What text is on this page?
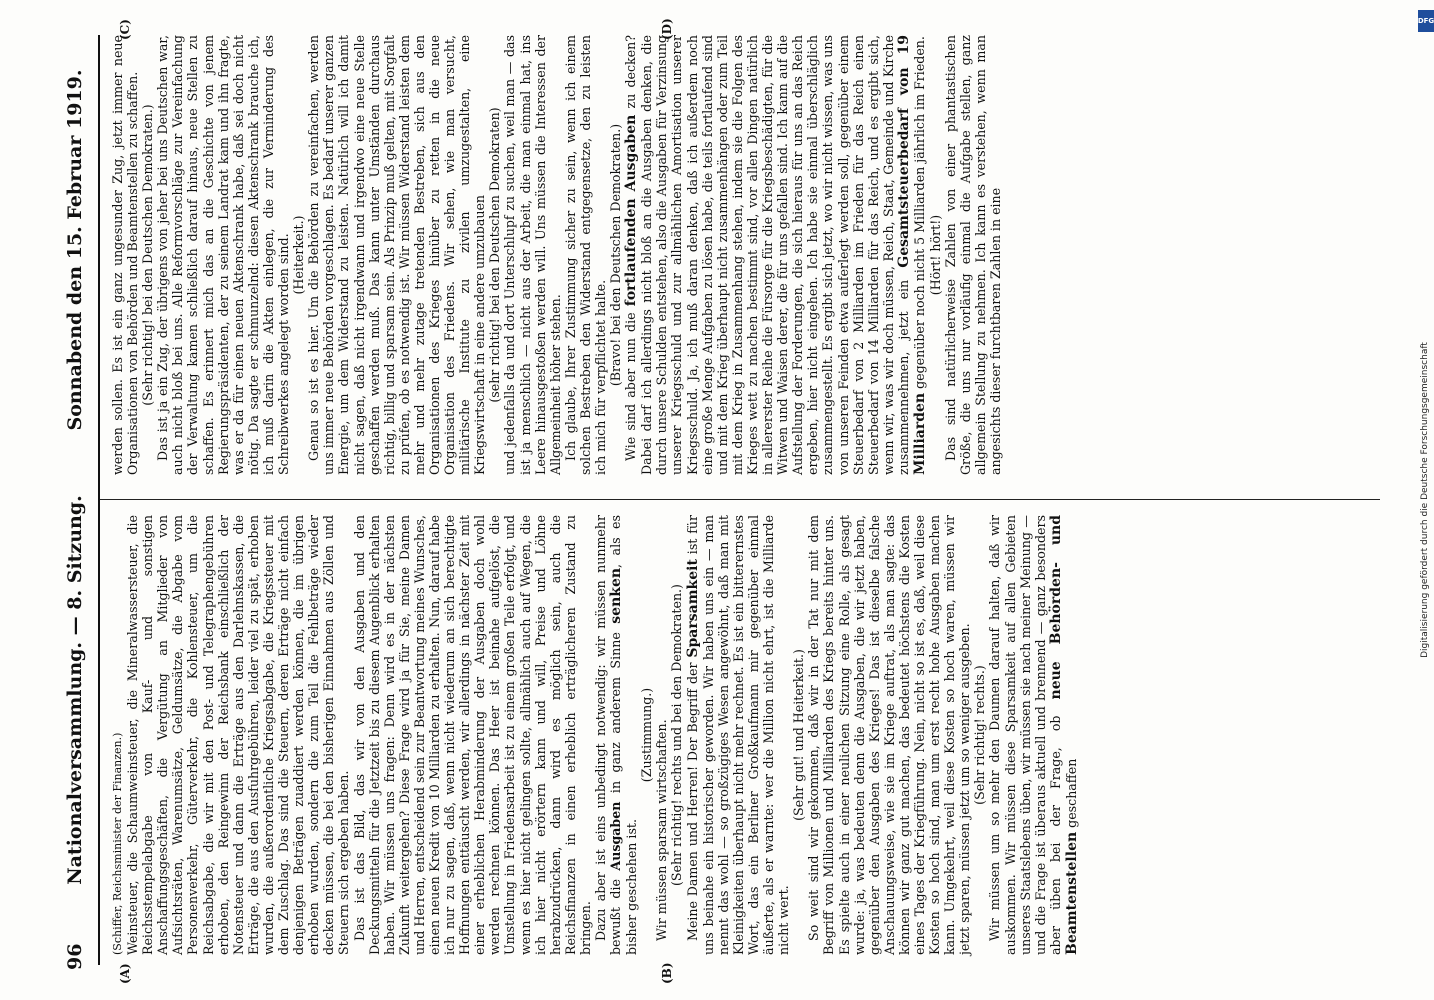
96
Nationalversammlung. — 8. Sitzung.
Sonnabend den 15. Februar 1919.
(A)	(B)
(C)	(D)

(Schiffer, Reichsminister der Finanzen.) Weinsteuer, die Schaumweinsteuer, die Mineralwassersteuer, die Reichsstempelabgabe von Kauf- und sonstigen Anschaffungsgeschäften, die Vergütung an Mitglieder von Aufsichtsräten, Warenumsätze, Geldumsätze, die Abgabe vom Personenverkehr, Güterverkehr, die Kohlensteuer, um die Reichsabgabe, die wir mit den Post- und Telegraphengebühren erhoben, den Reingewinn der Reichsbank einschließlich der Notensteuer und dann die Erträge aus den Darlehnskassen, die Erträge, die aus den Ausfuhrgebühren, leider viel zu spät, erhoben wurden, die außerordentliche Kriegsabgabe, die Kriegssteuer mit dem Zuschlag. Das sind die Steuern, deren Erträge nicht einfach denjenigen Beträgen zuaddiert werden können, die im übrigen erhoben wurden, sondern die zum Teil die Fehlbeträge wieder decken müssen, die bei den bisherigen Einnahmen aus Zöllen und Steuern sich ergeben haben. Das ist das Bild, das wir von den Ausgaben und den Deckungsmitteln für die Jetztzeit bis zu diesem Augenblick erhalten haben. Wir müssen uns fragen: Denn wird es in der nächsten Zukunft weitergehen? Diese Frage wird ja für Sie, meine Damen und Herren, entscheidend sein zur Beantwortung meines Wunsches, einen neuen Kredit von 10 Milliarden zu erhalten. Nun, darauf habe ich nur zu sagen, daß, wenn nicht wiederum an sich berechtigte Hoffnungen enttäuscht werden, wir allerdings in nächster Zeit mit einer erheblichen Herabminderung der Ausgaben doch wohl werden rechnen können. Das Heer ist beinahe aufgelöst, die Umstellung in Friedensarbeit ist zu einem großen Teile erfolgt, und wenn es hier nicht gelingen sollte, allmählich auch auf Wegen, die ich hier nicht erörtern kann und will, Preise und Löhne herabzudrücken, dann wird es möglich sein, auch die Reichsfinanzen in einen erheblich erträglicheren Zustand zu bringen. Dazu aber ist eins unbedingt notwendig: wir müssen nunmehr bewußt die Ausgaben in ganz anderem Sinne senken, als es bisher geschehen ist.

(Zustimmung.) Wir müssen sparsam wirtschaften. (Sehr richtig! rechts und bei den Demokraten.) Meine Damen und Herren! Der Begriff der Sparsamkeit ist für uns beinahe ein historischer geworden. Wir haben uns ein — man nennt das wohl — so großzügiges Wesen angewöhnt, daß man mit Kleinigkeiten überhaupt nicht mehr rechnet. Es ist ein bitterernstes Wort, das ein Berliner Großkaufmann mir gegenüber einmal äußerte, als er warnte: wer die Million nicht ehrt, ist die Milliarde nicht wert.

(Sehr gut! und Heiterkeit.) So weit sind wir gekommen, daß wir in der Tat nur mit dem Begriff von Millionen und Milliarden des Kriegs bereits hinter uns. Es spielte auch in einer neulichen Sitzung eine Rolle, als gesagt wurde: ja, was bedeuten denn die Ausgaben, die wir jetzt haben, gegenüber den Ausgaben des Krieges! Das ist dieselbe falsche Anschauungsweise, wie sie im Kriege auftrat, als man sagte: das können wir ganz gut machen, das bedeutet höchstens die Kosten eines Tages der Kriegführung. Nein, nicht so ist es, daß, weil diese Kosten so hoch sind, man um erst recht hohe Ausgaben machen kann. Umgekehrt, weil diese Kosten so hoch waren, müssen wir jetzt sparen, müssen jetzt um so weniger ausgeben. (Sehr richtig! rechts.) Wir müssen um so mehr den Daumen darauf halten, daß wir auskommen. Wir müssen diese Sparsamkeit auf allen Gebieten unseres Staatslebens üben, wir müssen sie nach meiner Meinung — und die Frage ist überaus aktuell und brennend — ganz besonders aber üben bei der Frage, ob neue Behörden- und Beamtenstellen geschaffen

werden sollen. Es ist ein ganz ungesunder Zug, jetzt immer neue Organisationen von Behörden und Beamtenstellen zu schaffen. (Sehr richtig! bei den Deutschen Demokraten.) Das ist ja ein Zug, der übrigens von jeher bei uns Deutschen war, auch nicht bloß bei uns. Alle Reformvorschläge zur Vereinfachung der Verwaltung kamen schließlich darauf hinaus, neue Stellen zu schaffen. Es erinnert mich das an die Geschichte von jenem Regierungspräsidenten, der zu seinem Landrat kam und ihn fragte, was er da für einen neuen Aktenschrank habe, daß sei doch nicht nötig. Da sagte er schmunzelnd: diesen Aktenschrank brauche ich, ich muß darin die Akten einlegen, die zur Verminderung des Schreibwerkes angelegt worden sind. (Heiterkeit.) Genau so ist es hier. Um die Behörden zu vereinfachen, werden uns immer neue Behörden vorgeschlagen. Es bedarf unserer ganzen Energie, um dem Widerstand zu leisten. Natürlich will ich damit nicht sagen, daß nicht irgendwann und irgendwo eine neue Stelle geschaffen werden muß. Das kann unter Umständen durchaus richtig, billig und sparsam sein. Als Prinzip muß gelten, mit Sorgfalt zu prüfen, ob es notwendig ist. Wir müssen Widerstand leisten dem mehr und mehr zutage tretenden Bestreben, sich aus den Organisationen des Krieges hinüber zu retten in die neue Organisation des Friedens. Wir sehen, wie man versucht, militärische Institute zu zivilen umzugestalten, eine Kriegswirtschaft in eine andere umzubauen (sehr richtig! bei den Deutschen Demokraten) und jedenfalls da und dort Unterschlupf zu suchen, weil man — das ist ja menschlich — nicht aus der Arbeit, die man einmal hat, ins Leere hinausgestoßen werden will. Uns müssen die Interessen der Allgemeinheit höher stehen. Ich glaube, Ihrer Zustimmung sicher zu sein, wenn ich einem solchen Bestreben den Widerstand entgegensetze, den zu leisten ich mich für verpflichtet halte. (Bravo! bei den Deutschen Demokraten.) Wie sind aber nun die fortlaufenden Ausgaben zu decken? Dabei darf ich allerdings nicht bloß an die Ausgaben denken, die durch unsere Schulden entstehen, also die Ausgaben für Verzinsung unserer Kriegsschuld und zur allmählichen Amortisation unserer Kriegsschuld. Ja, ich muß daran denken, daß ich außerdem noch eine große Menge Aufgaben zu lösen habe, die teils fortlaufend sind und mit dem Krieg überhaupt nicht zusammenhängen oder zum Teil mit dem Krieg in Zusammenhang stehen, indem sie die Folgen des Krieges wett zu machen bestimmt sind, vor allen Dingen natürlich in allererster Reihe die Fürsorge für die Kriegsbeschädigten, für die Witwen und Waisen derer, die für uns gefallen sind. Ich kann auf die Aufstellung der Forderungen, die sich hieraus für uns an das Reich ergeben, hier nicht eingehen. Ich habe sie einmal überschläglich zusammengestellt. Es ergibt sich jetzt, wo wir nicht wissen, was uns von unseren Feinden etwa auferlegt werden soll, gegenüber einem Steuerbedarf von 2 Milliarden im Frieden für das Reich einen Steuerbedarf von 14 Milliarden für das Reich, und es ergibt sich, wenn wir, was wir doch müssen, Reich, Staat, Gemeinde und Kirche zusammennehmen, jetzt ein Gesamtsteuerbedarf von 19 Milliarden gegenüber noch nicht 5 Milliarden jährlich im Frieden. (Hört! hört!) Das sind natürlicherweise Zahlen von einer phantastischen Größe, die uns nur vorläufig einmal die Aufgabe stellen, ganz allgemein Stellung zu nehmen. Ich kann es verstehen, wenn man angesichts dieser furchtbaren Zahlen in eine

DFG
Digitalisierung gefördert durch die Deutsche Forschungsgemeinschaft
